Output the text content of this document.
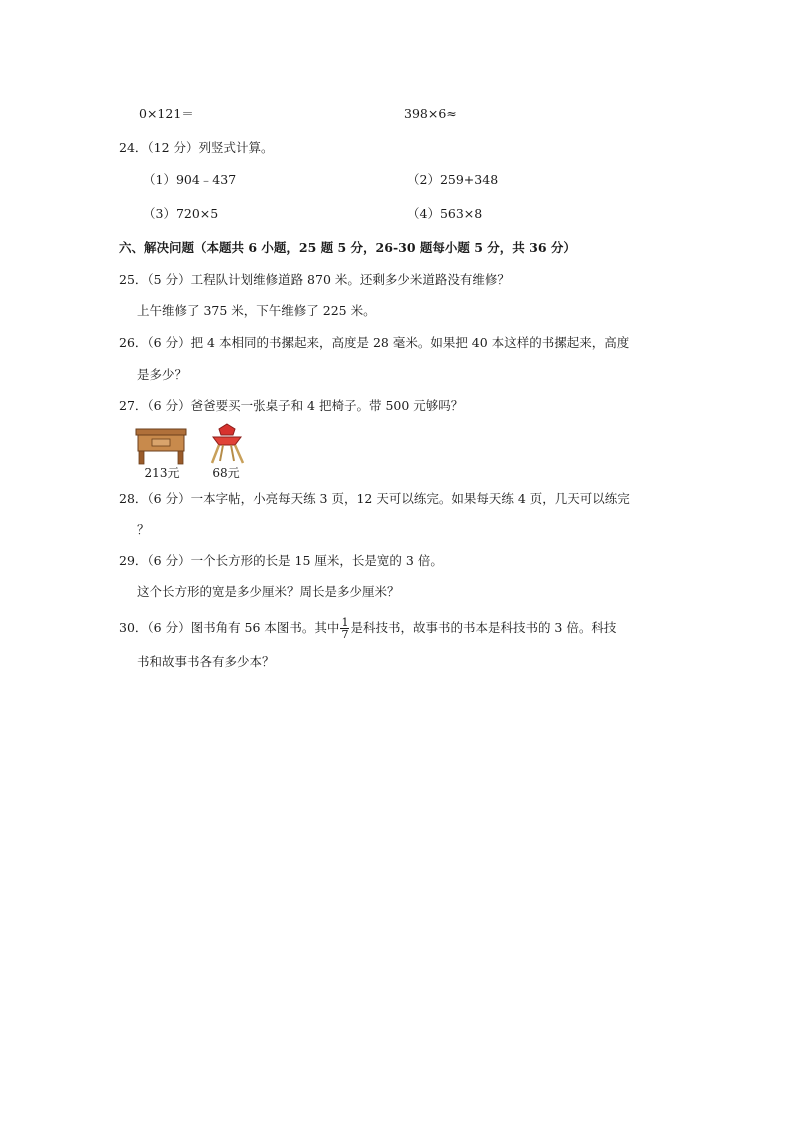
0×121＝	398×6≈
24．（12 分）列竖式计算。
（1）904﹣437	（2）259+348
（3）720×5	（4）563×8
六、解决问题（本题共 6 小题，25 题 5 分，26-30 题每小题 5 分，共 36 分）
25．（5 分）工程队计划维修道路 870 米。还剩多少米道路没有维修？
上午维修了 375 米，下午维修了 225 米。
26．（6 分）把 4 本相同的书摞起来，高度是 28 毫米。如果把 40 本这样的书摞起来，高度
是多少？
27．（6 分）爸爸要买一张桌子和 4 把椅子。带 500 元够吗？
213元	68元
28．（6 分）一本字帖，小亮每天练 3 页，12 天可以练完。如果每天练 4 页，几天可以练完
？
29．（6 分）一个长方形的长是 15 厘米，长是宽的 3 倍。
这个长方形的宽是多少厘米？周长是多少厘米？
30．（6 分）图书角有 56 本图书。其中 $\frac{1}{7}$ 是科技书，故事书的书本是科技书的 3 倍。科技
书和故事书各有多少本？
